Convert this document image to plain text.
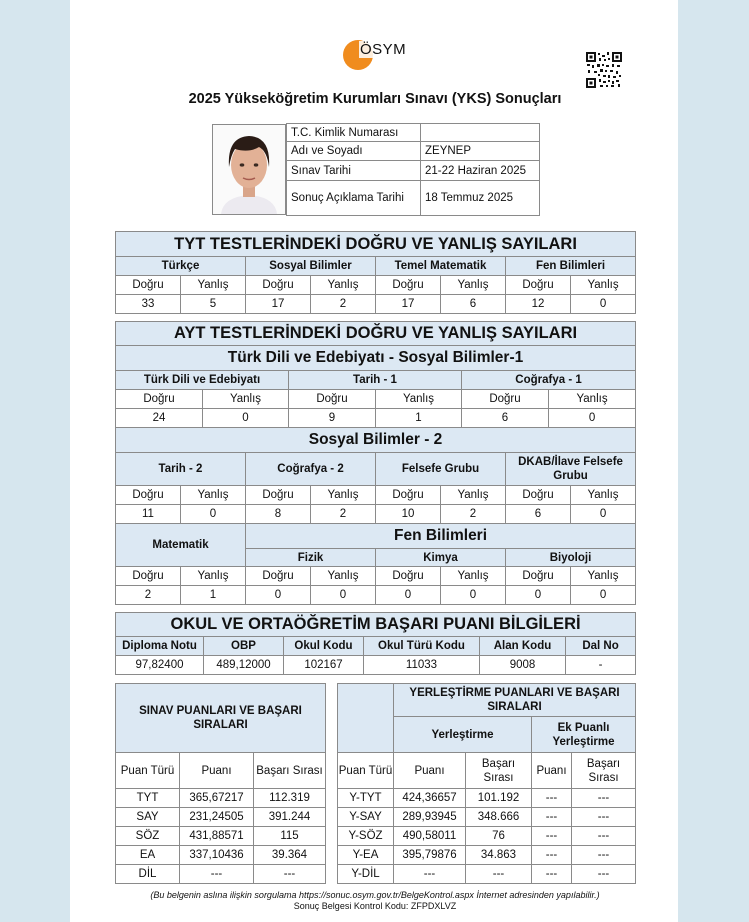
ÖSYM
2025 Yükseköğretim Kurumları Sınavı (YKS) Sonuçları
T.C. Kimlik Numarası	
Adı ve Soyadı	ZEYNEP
Sınav Tarihi	21-22 Haziran 2025
Sonuç Açıklama Tarihi	18 Temmuz 2025
TYT TESTLERİNDEKİ DOĞRU VE YANLIŞ SAYILARI							
Türkçe		Sosyal Bilimler		Temel Matematik		Fen Bilimleri	
Doğru	Yanlış	Doğru	Yanlış	Doğru	Yanlış	Doğru	Yanlış
33	5	17	2	17	6	12	0
AYT TESTLERİNDEKİ DOĞRU VE YANLIŞ SAYILARI					
Türk Dili ve Edebiyatı - Sosyal Bilimler-1					
Türk Dili ve Edebiyatı		Tarih - 1		Coğrafya - 1	
Doğru	Yanlış	Doğru	Yanlış	Doğru	Yanlış
24	0	9	1	6	0
Sosyal Bilimler - 2							
Tarih - 2		Coğrafya - 2		Felsefe Grubu		DKAB/İlave Felsefe Grubu	
Doğru	Yanlış	Doğru	Yanlış	Doğru	Yanlış	Doğru	Yanlış
11	0	8	2	10	2	6	0
Matematik		Fen Bilimleri					
		Fizik		Kimya		Biyoloji	
Doğru	Yanlış	Doğru	Yanlış	Doğru	Yanlış	Doğru	Yanlış
2	1	0	0	0	0	0	0
OKUL VE ORTAÖĞRETİM BAŞARI PUANI BİLGİLERİ					
Diploma Notu	OBP	Okul Kodu	Okul Türü Kodu	Alan Kodu	Dal No
97,82400	489,12000	102167	11033	9008	-
SINAV PUANLARI VE BAŞARI SIRALARI		
Puan Türü	Puanı	Başarı Sırası
TYT	365,67217	112.319
SAY	231,24505	391.244
SÖZ	431,88571	115
EA	337,10436	39.364
DİL	---	---
	YERLEŞTİRME PUANLARI VE BAŞARI SIRALARI			
	Yerleştirme		Ek Puanlı Yerleştirme	
Puan Türü	Puanı	Başarı Sırası	Puanı	Başarı Sırası
Y-TYT	424,36657	101.192	---	---
Y-SAY	289,93945	348.666	---	---
Y-SÖZ	490,58011	76	---	---
Y-EA	395,79876	34.863	---	---
Y-DİL	---	---	---	---
(Bu belgenin aslına ilişkin sorgulama https://sonuc.osym.gov.tr/BelgeKontrol.aspx İnternet adresinden yapılabilir.)
Sonuç Belgesi Kontrol Kodu: ZFPDXLVZ
